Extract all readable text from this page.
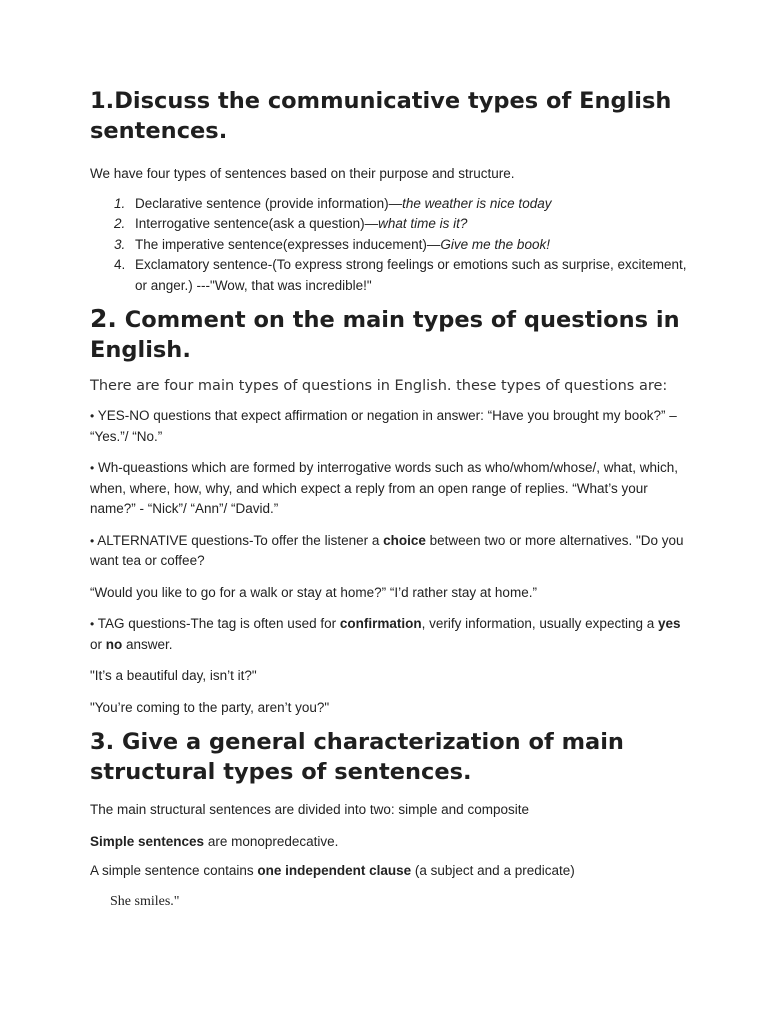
1.Discuss the communicative types of English sentences.

We have four types of sentences based on their purpose and structure.

1. Declarative sentence (provide information)—the weather is nice today
2. Interrogative sentence(ask a question)—what time is it?
3. The imperative sentence(expresses inducement)—Give me the book!
4. Exclamatory sentence-(To express strong feelings or emotions such as surprise, excitement, or anger.) ---"Wow, that was incredible!"
2. Comment on the main types of questions in English.

There are four main types of questions in English. these types of questions are:

• YES-NO questions that expect affirmation or negation in answer: “Have you brought my book?” – “Yes.”/ “No.”

• Wh-queastions which are formed by interrogative words such as who/whom/whose/, what, which, when, where, how, why, and which expect a reply from an open range of replies. “What’s your name?” - “Nick”/ “Ann”/ “David.”

• ALTERNATIVE questions-To offer the listener a choice between two or more alternatives. "Do you want tea or coffee?

“Would you like to go for a walk or stay at home?” “I’d rather stay at home.”

• TAG questions-The tag is often used for confirmation, verify information, usually expecting a yes or no answer.

"It’s a beautiful day, isn’t it?"

"You’re coming to the party, aren’t you?"

3. Give a general characterization of main structural types of sentences.

The main structural sentences are divided into two: simple and composite

Simple sentences are monopredecative.

A simple sentence contains one independent clause (a subject and a predicate)

She smiles."
